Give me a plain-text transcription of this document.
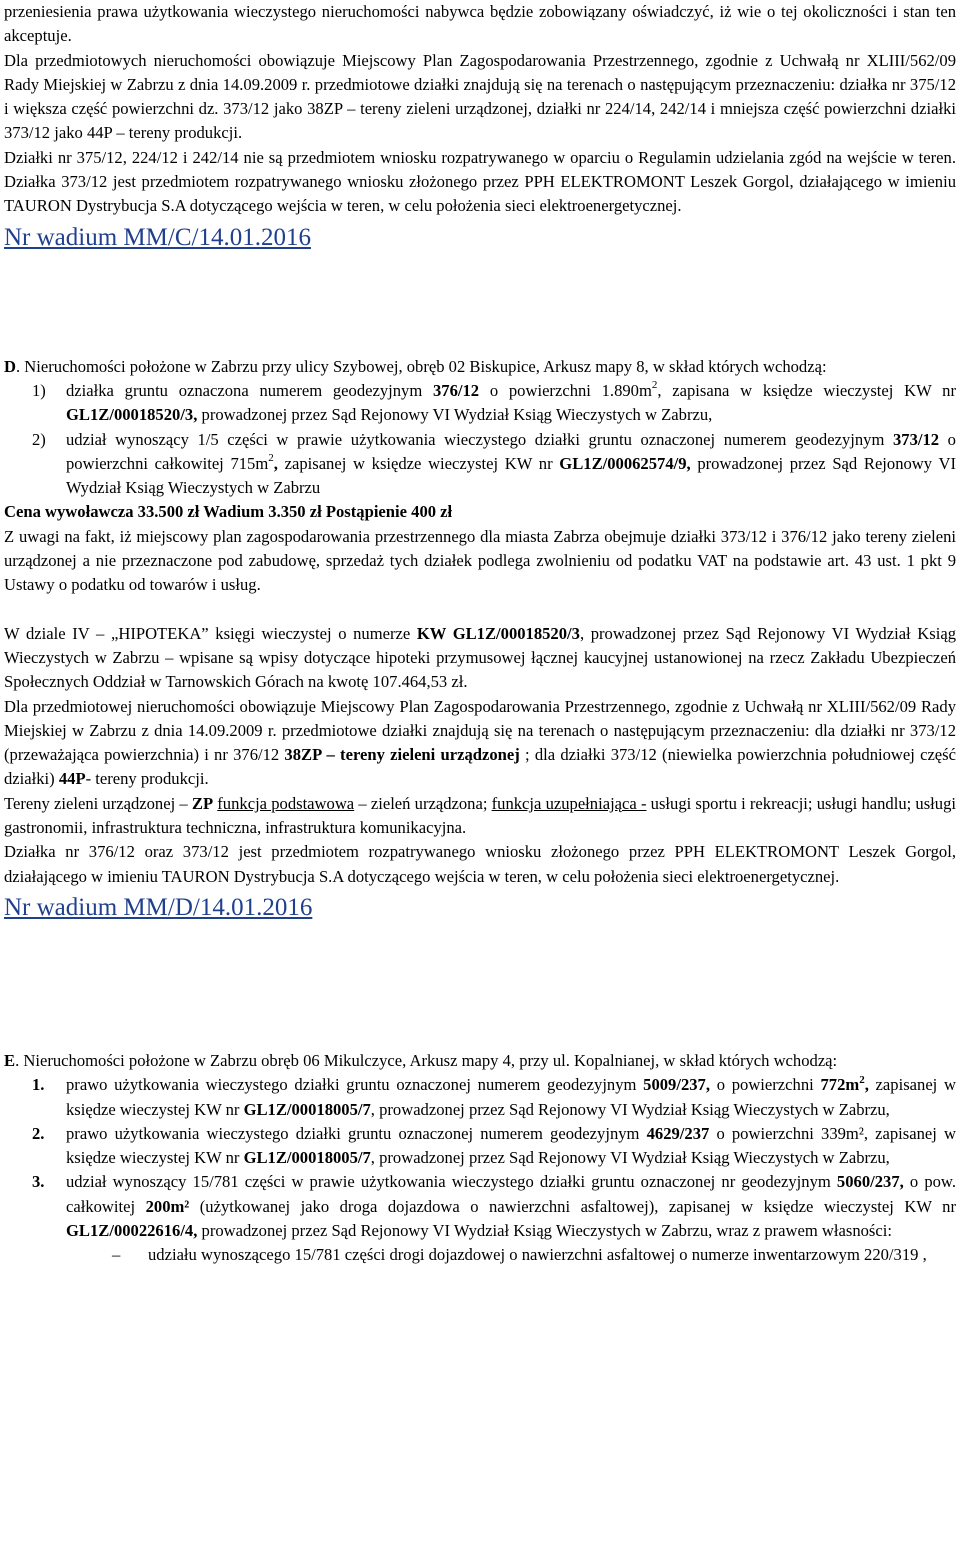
przeniesienia prawa użytkowania wieczystego nieruchomości nabywca będzie zobowiązany oświadczyć, iż wie o tej okoliczności i stan ten akceptuje.

Dla przedmiotowych nieruchomości obowiązuje Miejscowy Plan Zagospodarowania Przestrzennego, zgodnie z Uchwałą nr XLIII/562/09 Rady Miejskiej w Zabrzu z dnia 14.09.2009 r. przedmiotowe działki znajdują się na terenach o następującym przeznaczeniu: działka nr 375/12 i większa część powierzchni dz. 373/12 jako 38ZP – tereny zieleni urządzonej, działki nr 224/14, 242/14 i mniejsza część powierzchni działki 373/12 jako 44P – tereny produkcji.

Działki nr 375/12, 224/12 i 242/14 nie są przedmiotem wniosku rozpatrywanego w oparciu o Regulamin udzielania zgód na wejście w teren. Działka 373/12 jest przedmiotem rozpatrywanego wniosku złożonego przez PPH ELEKTROMONT Leszek Gorgol, działającego w imieniu TAURON Dystrybucja S.A dotyczącego wejścia w teren, w celu położenia sieci elektroenergetycznej.

Nr wadium MM/C/14.01.2016

D. Nieruchomości położone w Zabrzu przy ulicy Szybowej, obręb 02 Biskupice, Arkusz mapy 8, w skład których wchodzą:

1) działka gruntu oznaczona numerem geodezyjnym 376/12 o powierzchni $1.890m^2$, zapisana w księdze wieczystej KW nr GL1Z/00018520/3, prowadzonej przez Sąd Rejonowy VI Wydział Ksiąg Wieczystych w Zabrzu,

2) udział wynoszący 1/5 części w prawie użytkowania wieczystego działki gruntu oznaczonej numerem geodezyjnym 373/12 o powierzchni całkowitej $715m^2$, zapisanej w księdze wieczystej KW nr GL1Z/00062574/9, prowadzonej przez Sąd Rejonowy VI Wydział Ksiąg Wieczystych w Zabrzu

Cena wywoławcza 33.500 zł Wadium 3.350 zł Postąpienie 400 zł

Z uwagi na fakt, iż miejscowy plan zagospodarowania przestrzennego dla miasta Zabrza obejmuje działki 373/12 i 376/12 jako tereny zieleni urządzonej a nie przeznaczone pod zabudowę, sprzedaż tych działek podlega zwolnieniu od podatku VAT na podstawie art. 43 ust. 1 pkt 9 Ustawy o podatku od towarów i usług.

W dziale IV – „HIPOTEKA” księgi wieczystej o numerze KW GL1Z/00018520/3, prowadzonej przez Sąd Rejonowy VI Wydział Ksiąg Wieczystych w Zabrzu – wpisane są wpisy dotyczące hipoteki przymusowej łącznej kaucyjnej ustanowionej na rzecz Zakładu Ubezpieczeń Społecznych Oddział w Tarnowskich Górach na kwotę 107.464,53 zł.

Dla przedmiotowej nieruchomości obowiązuje Miejscowy Plan Zagospodarowania Przestrzennego, zgodnie z Uchwałą nr XLIII/562/09 Rady Miejskiej w Zabrzu z dnia 14.09.2009 r. przedmiotowe działki znajdują się na terenach o następującym przeznaczeniu: dla działki nr 373/12 (przeważająca powierzchnia) i nr 376/12 38ZP – tereny zieleni urządzonej ; dla działki 373/12 (niewielka powierzchnia południowej część działki) 44P- tereny produkcji.

Tereny zieleni urządzonej – ZP funkcja podstawowa – zieleń urządzona; funkcja uzupełniająca - usługi sportu i rekreacji; usługi handlu; usługi gastronomii, infrastruktura techniczna, infrastruktura komunikacyjna.

Działka nr 376/12 oraz 373/12 jest przedmiotem rozpatrywanego wniosku złożonego przez PPH ELEKTROMONT Leszek Gorgol, działającego w imieniu TAURON Dystrybucja S.A dotyczącego wejścia w teren, w celu położenia sieci elektroenergetycznej.

Nr wadium MM/D/14.01.2016

E. Nieruchomości położone w Zabrzu obręb 06 Mikulczyce, Arkusz mapy 4, przy ul. Kopalnianej, w skład których wchodzą:

1. prawo użytkowania wieczystego działki gruntu oznaczonej numerem geodezyjnym 5009/237, o powierzchni $772m^2$, zapisanej w księdze wieczystej KW nr GL1Z/00018005/7, prowadzonej przez Sąd Rejonowy VI Wydział Ksiąg Wieczystych w Zabrzu,

2. prawo użytkowania wieczystego działki gruntu oznaczonej numerem geodezyjnym 4629/237 o powierzchni 339m², zapisanej w księdze wieczystej KW nr GL1Z/00018005/7, prowadzonej przez Sąd Rejonowy VI Wydział Ksiąg Wieczystych w Zabrzu,

3. udział wynoszący 15/781 części w prawie użytkowania wieczystego działki gruntu oznaczonej nr geodezyjnym 5060/237, o pow. całkowitej 200m² (użytkowanej jako droga dojazdowa o nawierzchni asfaltowej), zapisanej w księdze wieczystej KW nr GL1Z/00022616/4, prowadzonej przez Sąd Rejonowy VI Wydział Ksiąg Wieczystych w Zabrzu, wraz z prawem własności:

– udziału wynoszącego 15/781 części drogi dojazdowej o nawierzchni asfaltowej o numerze inwentarzowym 220/319 ,
